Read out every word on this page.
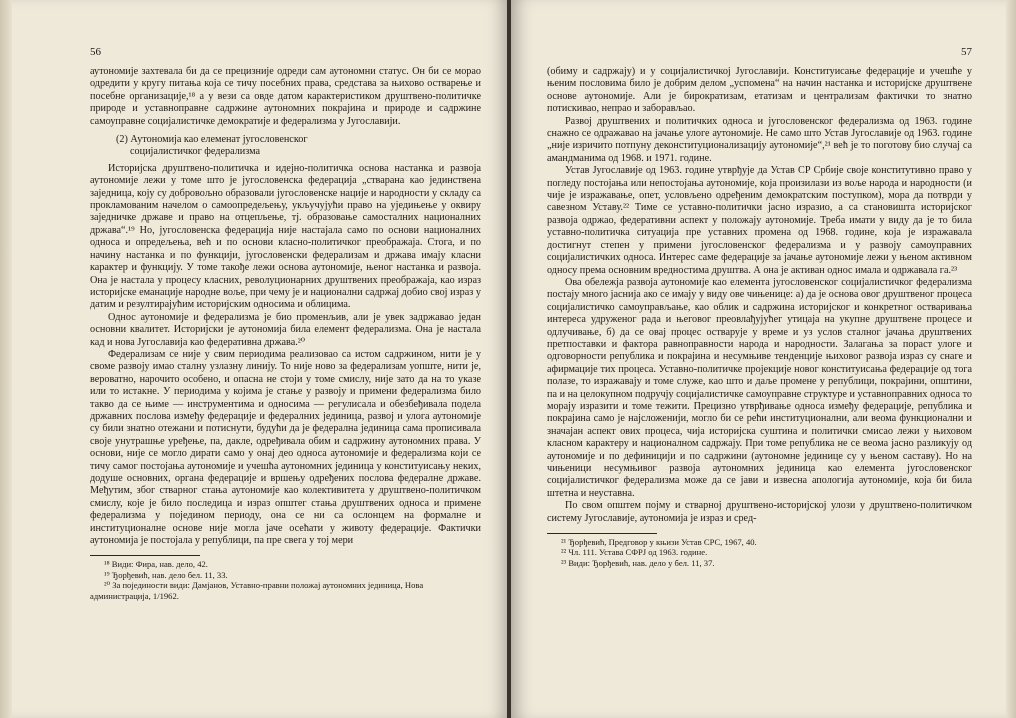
56

аутономије захтевала би да се прецизније одреди сам аутономни статус. Он би се морао одредити у кругу питања која се тичу посебних права, средстава за њихово остварење и посебне организације,¹⁸ а у вези са овде датом карактеристиком друштвено-политичке природе и уставноправне садржине аутономних покрајина и природе и садржине самоуправне социјалистичке демократије и федерализма у Југославији.

(2) Аутономија као елеменат југословенског
социјалистичког федерализма

Историјска друштвено-политичка и идејно-политичка основа настанка и развоја аутономије лежи у томе што је југословенска федерација „стварана као јединствена заједница, коју су добровољно образовали југословенске нације и народности у складу са прокламованим начелом о самоопредељењу, укључујући право на уједињење у оквиру заједничке државе и право на отцепљење, тј. образовање самосталних националних држава“.¹⁹ Но, југословенска федерација није настајала само по основи националних односа и опредељења, већ и по основи класно-политичког преображаја. Стога, и по начину настанка и по функцији, југословенски федерализам и држава имају класни карактер и функцију. У томе такође лежи основа аутономије, њеног настанка и развоја. Она је настала у процесу класних, револуционарних друштвених преображаја, као израз историјске еманације народне воље, при чему је и национални садржај добио свој израз у датим и резултирајућим историјским односима и облицима.

Однос аутономије и федерализма је био променљив, али је увек задржавао један основни квалитет. Историјски је аутономија била елемент федерализма. Она је настала кад и нова Југославија као федеративна држава.²⁰

Федерализам се није у свим периодима реализовао са истом садржином, нити је у своме развоју имао сталну узлазну линију. То није ново за федерализам уопште, нити је, вероватно, нарочито особено, и опасна не стоји у томе смислу, није зато да на то указе или то истакне. У периодима у којима је стање у развоју и примени федерализма било такво да се њиме — инструментима и односима — регулисала и обезбеђивала подела државних послова између федерације и федералних јединица, развој и улога аутономије су били знатно отежани и потиснути, будући да је федерална јединица сама прописивала своје унутрашње уређење, па, дакле, одређивала обим и садржину аутономних права. У основи, није се могло дирати само у онај део односа аутономије и федерализма који се тичу самог постојања аутономије и учешћа аутономних јединица у конституисању неких, додуше основних, органа федерације и вршењу одређених послова федералне државе. Међутим, због стварног стања аутономије као колективитета у друштвено-политичком смислу, које је било последица и израз општег стања друштвених односа и примене федерализма у поједином периоду, она се ни са ослонцем на формалне и институционалне основе није могла јаче осећати у животу федерације. Фактички аутономија је постојала у републици, па пре свега у тој мери

¹⁸ Види: Фира, нав. дело, 42.
¹⁹ Ђорђевић, нав. дело бел. 11, 33.
²⁰ За појединости види: Дамјанов, Уставно-правни положај аутономних јединица, Нова администрација, 1/1962.
57

(обиму и садржају) и у социјалистичкој Југославији. Конституисање федерације и учешће у њеним пословима било је добрим делом „успомена“ на начин настанка и историјске друштвене основе аутономије. Али је бирократизам, етатизам и централизам фактички то знатно потискивао, непрао и заборављао.

Развој друштвених и политичких односа и југословенског федерализма од 1963. године снажно се одражавао на јачање улоге аутономије. Не само што Устав Југославије од 1963. године „није изричито потпуну деконституционализацију аутономије“,²¹ већ је то поготову био случај са амандманима од 1968. и 1971. године.

Устав Југославије од 1963. године утврђује да Устав СР Србије своје конститутивно право у погледу постојања или непостојања аутономије, која произилази из воље народа и народности (и чије је изражавање, опет, условљено одређеним демократским поступком), мора да потврди у савезном Уставу.²² Тиме се уставно-политички јасно изразио, а са становишта историјског развоја одржао, федеративни аспект у положају аутономије. Треба имати у виду да је то била уставно-политичка ситуација пре уставних промена од 1968. године, која је изражавала достигнут степен у примени југословенског федерализма и у развоју самоуправних социјалистичких односа. Интерес саме федерације за јачање аутономије лежи у њеном активном односу према основним вредностима друштва. А она је активан однос имала и одржавала га.²³

Ова обележја развоја аутономије као елемента југословенског социјалистичког федерализма постају много јаснија ако се имају у виду ове чињенице: а) да је основа овог друштвеног процеса социјалистичко самоуправљање, као облик и садржина историјског и конкретног остваривања интереса удруженог рада и његовог преовлађујућег утицаја на укупне друштвене процесе и одлучивање, б) да се овај процес остварује у време и уз услов сталног јачања друштвених претпоставки и фактора равноправности народа и народности. Залагања за пораст улоге и одговорности република и покрајина и несумњиве тенденције њиховог развоја израз су снаге и афирмације тих процеса. Уставно-политичке пројекције новог конституисања федерације од тога полазе, то изражавају и томе служе, као што и даље промене у републици, покрајини, општини, па и на целокупном подручју социјалистичке самоуправне структуре и уставноправних односа то морају изразити и томе тежити. Прецизно утврђивање односа између федерације, република и покрајина само је најсложенији, могло би се рећи институционални, али веома функционални и значајан аспект ових процеса, чија историјска суштина и политички смисао лежи у њиховом класном карактеру и националном садржају. При томе република не се веома јасно разликују од аутономије и по дефиницији и по садржини (аутономне јединице су у њеном саставу). Но на чињеници несумњивог развоја аутономних јединица као елемента југословенског социјалистичког федерализма може да се јави и извесна апологија аутономије, која би била штетна и неуставна.

По свом општем појму и стварној друштвено-историјској улози у друштвено-политичком систему Југославије, аутономија је израз и сред-

²¹ Ђорђевић, Предговор у књизи Устав СРС, 1967, 40.
²² Чл. 111. Устава СФРЈ од 1963. године.
²³ Види: Ђорђевић, нав. дело у бел. 11, 37.
